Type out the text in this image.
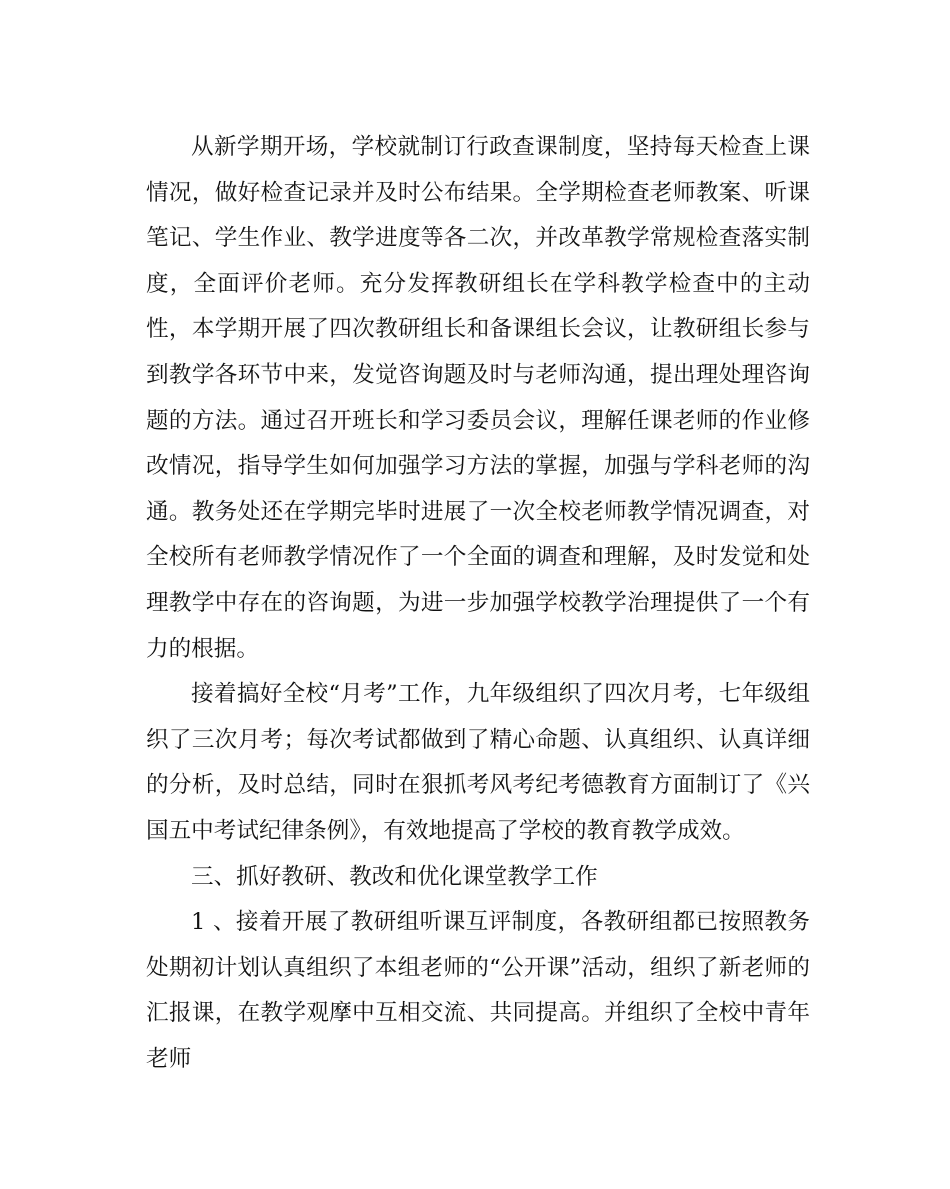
从新学期开场，学校就制订行政查课制度，坚持每天检查上课情况，做好检查记录并及时公布结果。全学期检查老师教案、听课笔记、学生作业、教学进度等各二次，并改革教学常规检查落实制度，全面评价老师。充分发挥教研组长在学科教学检查中的主动性，本学期开展了四次教研组长和备课组长会议，让教研组长参与到教学各环节中来，发觉咨询题及时与老师沟通，提出理处理咨询题的方法。通过召开班长和学习委员会议，理解任课老师的作业修改情况，指导学生如何加强学习方法的掌握，加强与学科老师的沟通。教务处还在学期完毕时进展了一次全校老师教学情况调查，对全校所有老师教学情况作了一个全面的调查和理解，及时发觉和处理教学中存在的咨询题，为进一步加强学校教学治理提供了一个有力的根据。

接着搞好全校“月考”工作，九年级组织了四次月考，七年级组织了三次月考；每次考试都做到了精心命题、认真组织、认真详细的分析，及时总结，同时在狠抓考风考纪考德教育方面制订了《兴国五中考试纪律条例》，有效地提高了学校的教育教学成效。

三、抓好教研、教改和优化课堂教学工作

1 、接着开展了教研组听课互评制度，各教研组都已按照教务处期初计划认真组织了本组老师的“公开课”活动，组织了新老师的汇报课，在教学观摩中互相交流、共同提高。并组织了全校中青年老师
